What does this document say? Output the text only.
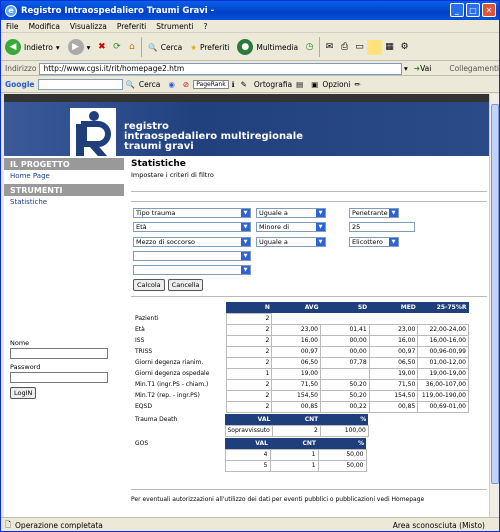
e Registro Intraospedaliero Traumi Gravi -	_	□	✕
File	Modifica	Visualizza	Preferiti	Strumenti	?
◀	Indietro ▾	▶	▾ ✖ ⟳ ⌂	🔍 Cerca ★ Preferiti	● Multimedia ◷	✉ ⎙ ▭	▦ ⚙
Indirizzo http://www.cgsi.it/rit/homepage2.htm	▾ ➜ Vai Collegamenti
Google	🔍 Cerca ◉ ⊘	PageRank ℹ ✎ Ortografia ▤ ▣ Opzioni ✏
registro
intraospedaliero multiregionale
traumi gravi
IL PROGETTO
Home Page
STRUMENTI
Statistiche
Nome
Password
LogIN
Statistiche
Impostare i criteri di filtro
Tipo trauma	▼	Uguale a	▼	Penetrante ▼
Età	▼	Minore di	▼	25
Mezzo di soccorso	▼	Uguale a	▼	Elicottero	▼
▼
▼
Calcola	Cancella
	N	AVG	SD	MED	25-75%R
Pazienti	2				
Età	2	23,00	01,41	23,00	22,00-24,00
ISS	2	16,00	00,00	16,00	16,00-16,00
TRISS	2	00,97	00,00	00,97	00,96-00,99
Giorni degenza rianim.	2	06,50	07,78	06,50	01,00-12,00
Giorni degenza ospedale	1	19,00		19,00	19,00-19,00
Min.T1 (ingr.PS - chiam.)	2	71,50	50,20	71,50	36,00-107,00
Min.T2 (rep. - ingr.PS)	2	154,50	50,20	154,50	119,00-190,00
EQSD	2	00,85	00,22	00,85	00,69-01,00
Trauma Death	VAL	CNT	%
	Sopravvissuto	2	100,00
GOS	VAL	CNT	%
	4	1	50,00
	5	1	50,00
Per eventuali autorizzazioni all'utilizzo dei dati per eventi pubblici o pubblicazioni vedi Homepage
🗋 Operazione completata	Area sconosciuta (Misto)
